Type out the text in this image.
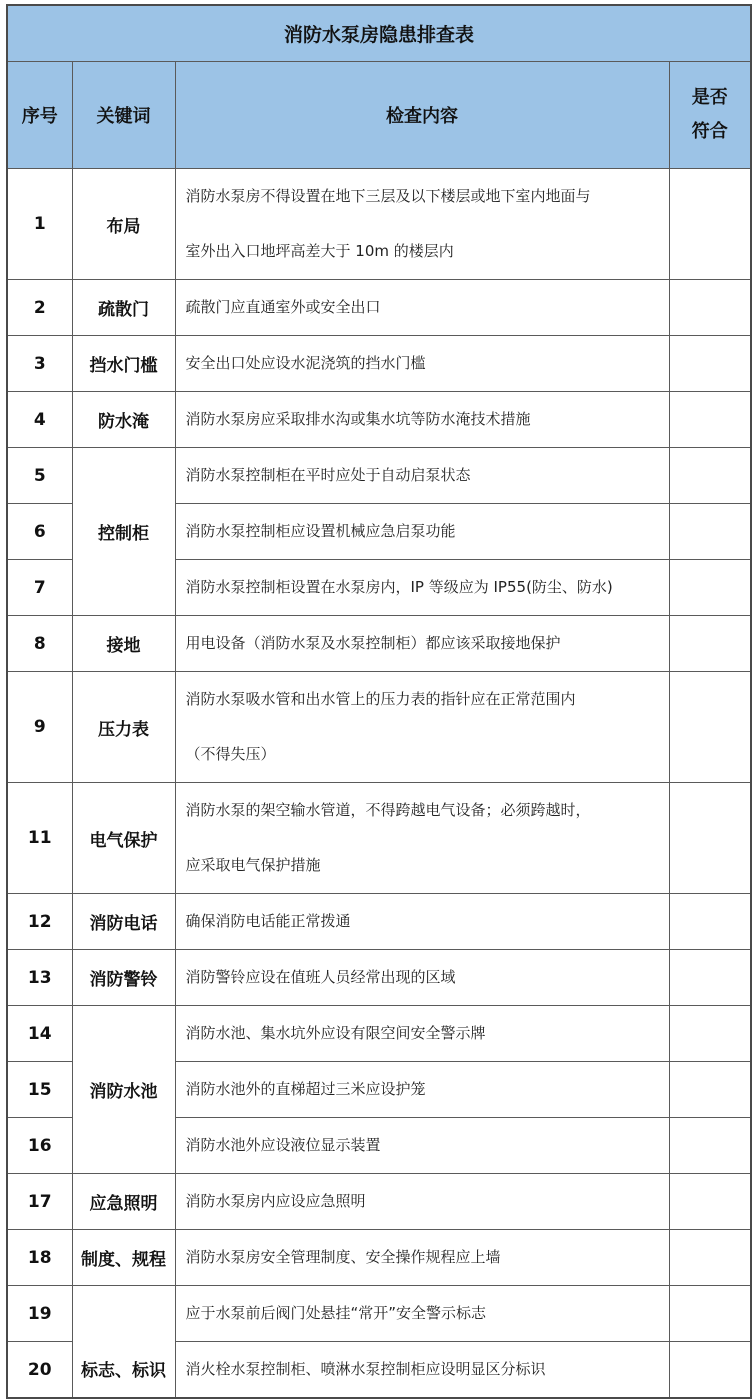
消防水泵房隐患排查表			
序号	关键词	检查内容	是否
符合
1	布局	消防水泵房不得设置在地下三层及以下楼层或地下室内地面与
室外出入口地坪高差大于 10m 的楼层内	
2	疏散门	疏散门应直通室外或安全出口	
3	挡水门槛	安全出口处应设水泥浇筑的挡水门槛	
4	防水淹	消防水泵房应采取排水沟或集水坑等防水淹技术措施	
5	控制柜	消防水泵控制柜在平时应处于自动启泵状态	
6		消防水泵控制柜应设置机械应急启泵功能	
7		消防水泵控制柜设置在水泵房内，IP 等级应为 IP55(防尘、防水)	
8	接地	用电设备（消防水泵及水泵控制柜）都应该采取接地保护	
9	压力表	消防水泵吸水管和出水管上的压力表的指针应在正常范围内
（不得失压）	
11	电气保护	消防水泵的架空输水管道，不得跨越电气设备；必须跨越时，
应采取电气保护措施	
12	消防电话	确保消防电话能正常拨通	
13	消防警铃	消防警铃应设在值班人员经常出现的区域	
14	消防水池	消防水池、集水坑外应设有限空间安全警示牌	
15		消防水池外的直梯超过三米应设护笼	
16		消防水池外应设液位显示装置	
17	应急照明	消防水泵房内应设应急照明	
18	制度、规程	消防水泵房安全管理制度、安全操作规程应上墙	
19	标志、标识	应于水泵前后阀门处悬挂“常开”安全警示标志	
20		消火栓水泵控制柜、喷淋水泵控制柜应设明显区分标识	
